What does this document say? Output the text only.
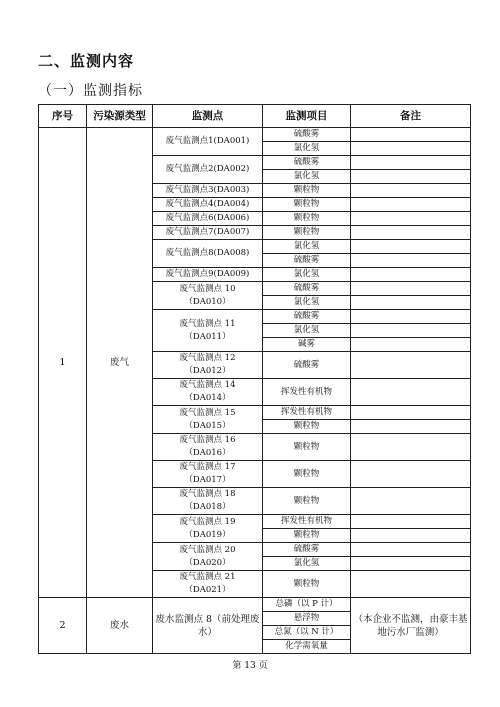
二、监测内容
（一）监测指标
序号	污染源类型	监测点	监测项目	备注
1	废气	废气监测点1(DA001)	硫酸雾	
			氯化氢	
		废气监测点2(DA002)	硫酸雾	
			氯化氢	
		废气监测点3(DA003)	颗粒物	
		废气监测点4(DA004)	颗粒物	
		废气监测点6(DA006)	颗粒物	
		废气监测点7(DA007)	颗粒物	
		废气监测点8(DA008)	氯化氢	
			硫酸雾	
		废气监测点9(DA009)	氯化氢	
		废气监测点 10
（DA010）	硫酸雾	
			氯化氢	
		废气监测点 11
（DA011）	硫酸雾	
			氯化氢	
			碱雾	
		废气监测点 12
（DA012）	硫酸雾	
		废气监测点 14
（DA014）	挥发性有机物	
		废气监测点 15
（DA015）	挥发性有机物	
			颗粒物	
		废气监测点 16
（DA016）	颗粒物	
		废气监测点 17
（DA017）	颗粒物	
		废气监测点 18
（DA018）	颗粒物	
		废气监测点 19
（DA019）	挥发性有机物	
			颗粒物	
		废气监测点 20
（DA020）	硫酸雾	
			氯化氢	
		废气监测点 21
（DA021）	颗粒物	
2	废水	废水监测点 8（前处理废水）	总磷（以 P 计）	（本企业不监测，由豪丰基地污水厂监测）
			悬浮物	
			总氮（以 N 计）	
			化学需氧量	
第 13 页
